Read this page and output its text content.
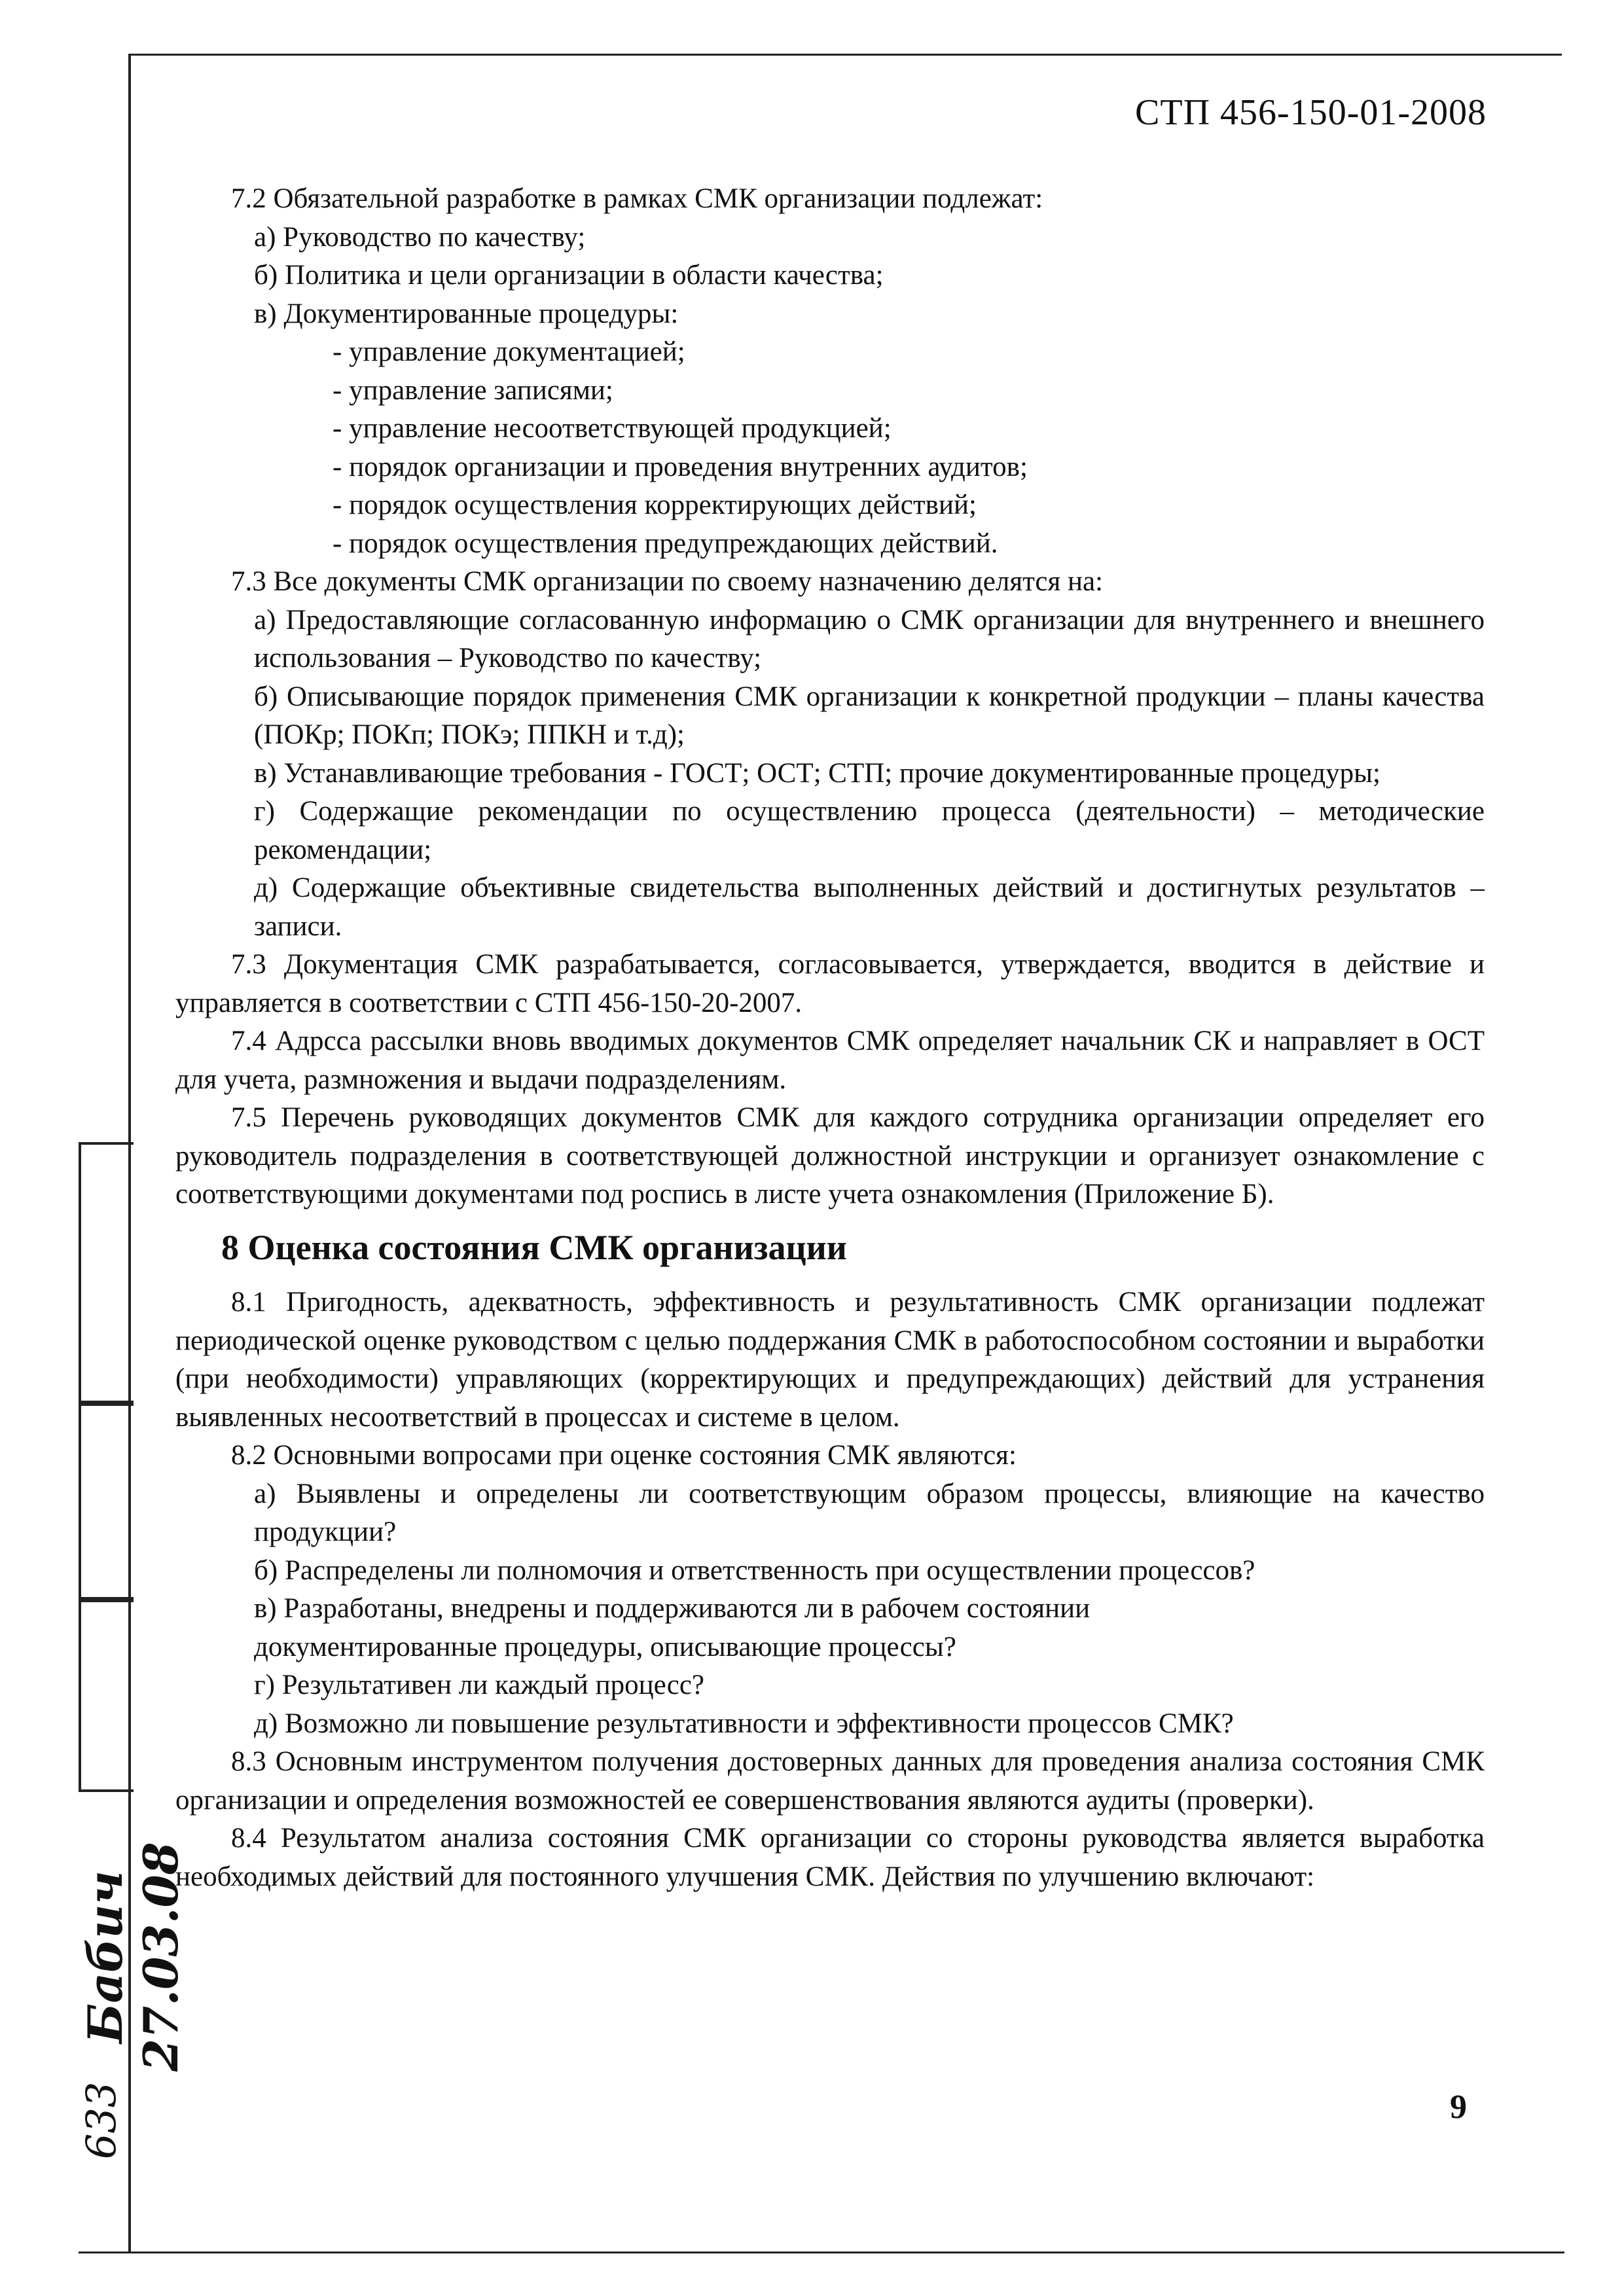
Бабич 27.03.08
633
СТП 456-150-01-2008

7.2 Обязательной разработке в рамках СМК организации подлежат:

а) Руководство по качеству;

б) Политика и цели организации в области качества;

в) Документированные процедуры:

- управление документацией;

- управление записями;

- управление несоответствующей продукцией;

- порядок организации и проведения внутренних аудитов;

- порядок осуществления корректирующих действий;

- порядок осуществления предупреждающих действий.

7.3 Все документы СМК организации по своему назначению делятся на:

а) Предоставляющие согласованную информацию о СМК организации для внутреннего и внешнего использования – Руководство по качеству;

б) Описывающие порядок применения СМК организации к конкретной продукции – планы качества (ПОКр; ПОКп; ПОКэ; ППКН и т.д);

в) Устанавливающие требования - ГОСТ; ОСТ; СТП; прочие документированные процедуры;

г) Содержащие рекомендации по осуществлению процесса (деятельности) – методические рекомендации;

д) Содержащие объективные свидетельства выполненных действий и достигнутых результатов – записи.

7.3 Документация СМК разрабатывается, согласовывается, утверждается, вводится в действие и управляется в соответствии с СТП 456-150-20-2007.

7.4 Адрсса рассылки вновь вводимых документов СМК определяет начальник СК и направляет в ОСТ для учета, размножения и выдачи подразделениям.

7.5 Перечень руководящих документов СМК для каждого сотрудника организации определяет его руководитель подразделения в соответствующей должностной инструкции и организует ознакомление с соответствующими документами под роспись в листе учета ознакомления (Приложение Б).

8 Оценка состояния СМК организации

8.1 Пригодность, адекватность, эффективность и результативность СМК организации подлежат периодической оценке руководством с целью поддержания СМК в работоспособном состоянии и выработки (при необходимости) управляющих (корректирующих и предупреждающих) действий для устранения выявленных несоответствий в процессах и системе в целом.

8.2 Основными вопросами при оценке состояния СМК являются:

а) Выявлены и определены ли соответствующим образом процессы, влияющие на качество продукции?

б) Распределены ли полномочия и ответственность при осуществлении процессов?

в) Разработаны, внедрены и поддерживаются ли в рабочем состоянии

документированные процедуры, описывающие процессы?

г) Результативен ли каждый процесс?

д) Возможно ли повышение результативности и эффективности процессов СМК?

8.3 Основным инструментом получения достоверных данных для проведения анализа состояния СМК организации и определения возможностей ее совершенствования являются аудиты (проверки).

8.4 Результатом анализа состояния СМК организации со стороны руководства является выработка необходимых действий для постоянного улучшения СМК. Действия по улучшению включают:

9
